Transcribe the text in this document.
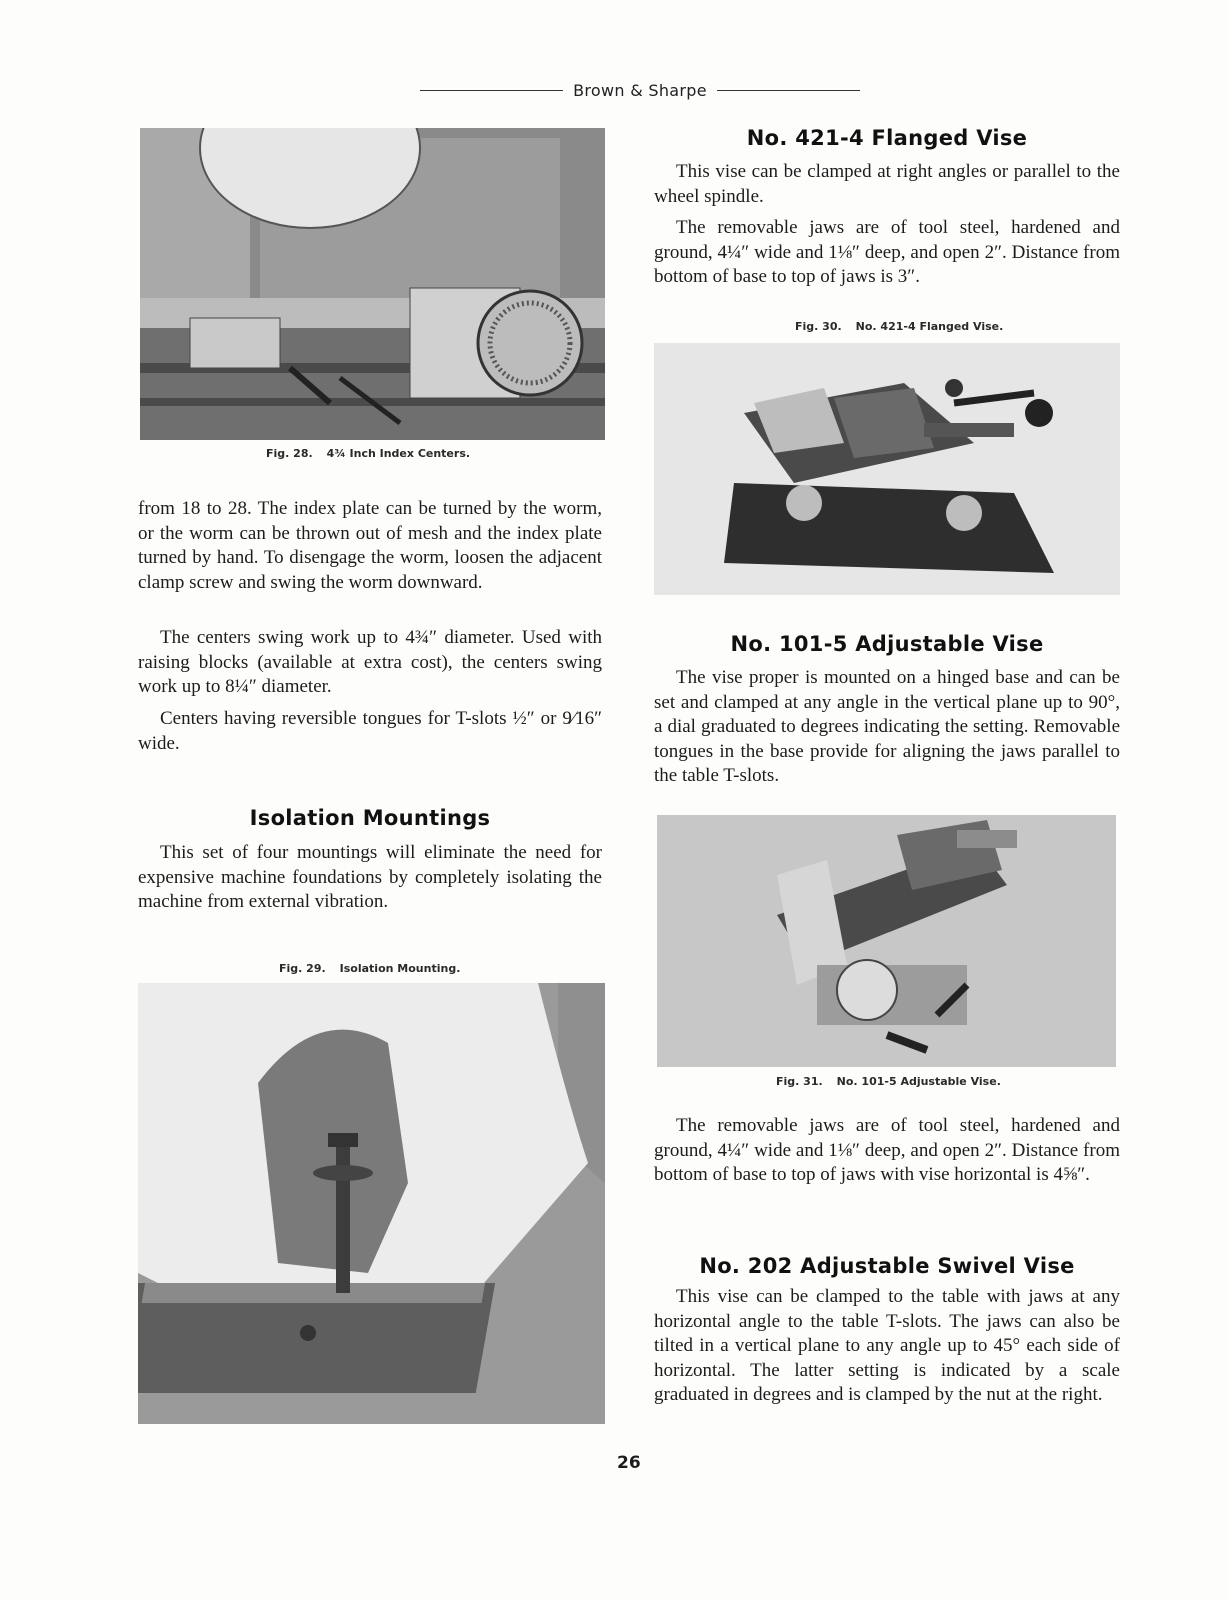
Brown & Sharpe
Fig. 28. 4¾ Inch Index Centers.

from 18 to 28. The index plate can be turned by the worm, or the worm can be thrown out of mesh and the index plate turned by hand. To disengage the worm, loosen the adjacent clamp screw and swing the worm downward.

The centers swing work up to 4¾″ diameter. Used with raising blocks (available at extra cost), the centers swing work up to 8¼″ diameter.

Centers having reversible tongues for T-slots ½″ or 9⁄16″ wide.

Isolation Mountings

This set of four mountings will eliminate the need for expensive machine foundations by completely isolating the machine from external vibration.

Fig. 29. Isolation Mounting.
No. 421-4 Flanged Vise

This vise can be clamped at right angles or parallel to the wheel spindle.

The removable jaws are of tool steel, hardened and ground, 4¼″ wide and 1⅛″ deep, and open 2″. Distance from bottom of base to top of jaws is 3″.

Fig. 30. No. 421-4 Flanged Vise.
No. 101-5 Adjustable Vise

The vise proper is mounted on a hinged base and can be set and clamped at any angle in the vertical plane up to 90°, a dial graduated to degrees indicating the setting. Removable tongues in the base provide for aligning the jaws parallel to the table T-slots.

Fig. 31. No. 101-5 Adjustable Vise.

The removable jaws are of tool steel, hardened and ground, 4¼″ wide and 1⅛″ deep, and open 2″. Distance from bottom of base to top of jaws with vise horizontal is 4⅝″.

No. 202 Adjustable Swivel Vise

This vise can be clamped to the table with jaws at any horizontal angle to the table T-slots. The jaws can also be tilted in a vertical plane to any angle up to 45° each side of horizontal. The latter setting is indicated by a scale graduated in degrees and is clamped by the nut at the right.

26
